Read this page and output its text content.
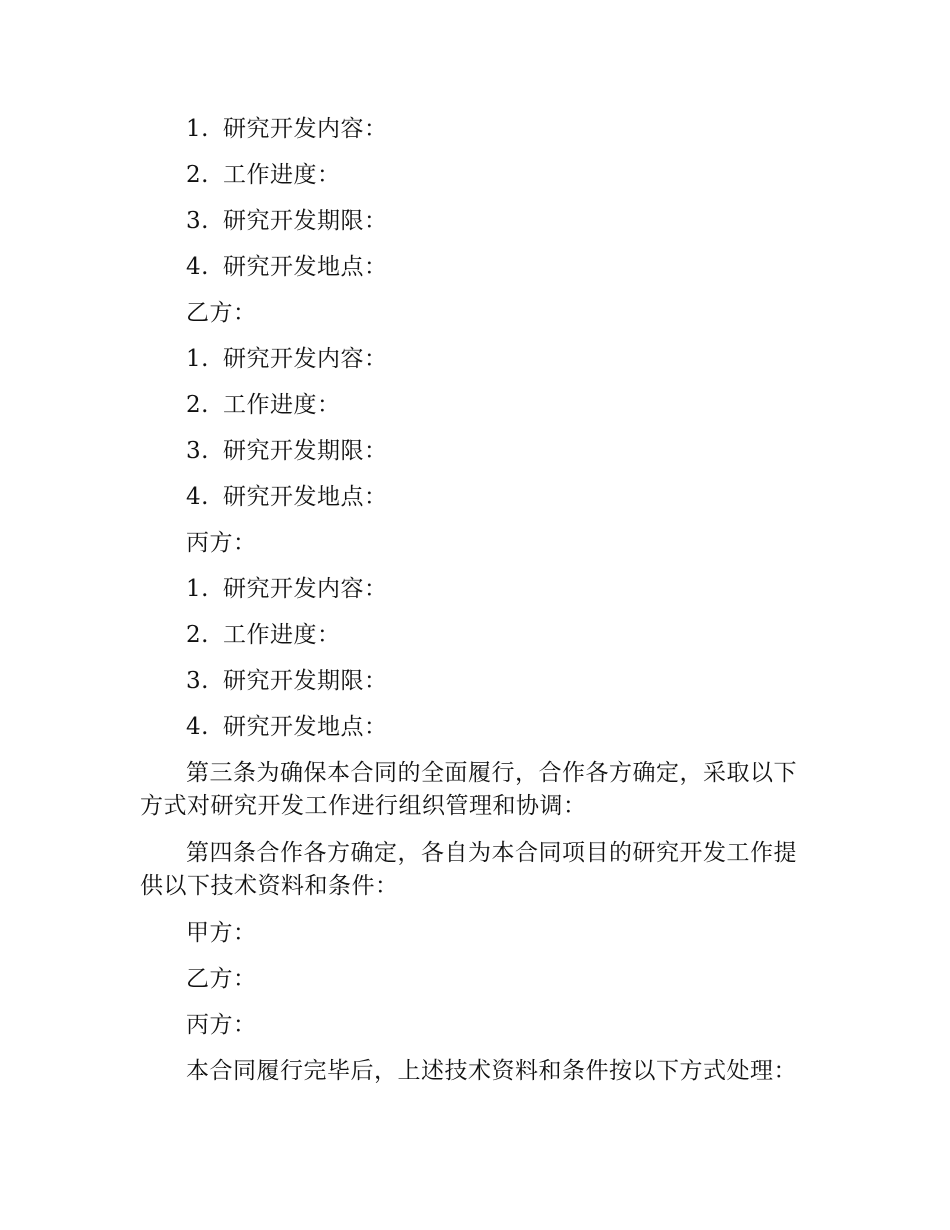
1. 研究开发内容：

2. 工作进度：

3. 研究开发期限：

4. 研究开发地点：

乙方：

1. 研究开发内容：

2. 工作进度：

3. 研究开发期限：

4. 研究开发地点：

丙方：

1. 研究开发内容：

2. 工作进度：

3. 研究开发期限：

4. 研究开发地点：

第三条为确保本合同的全面履行，合作各方确定，采取以下方式对研究开发工作进行组织管理和协调：

第四条合作各方确定，各自为本合同项目的研究开发工作提供以下技术资料和条件：

甲方：

乙方：

丙方：

本合同履行完毕后，上述技术资料和条件按以下方式处理：
